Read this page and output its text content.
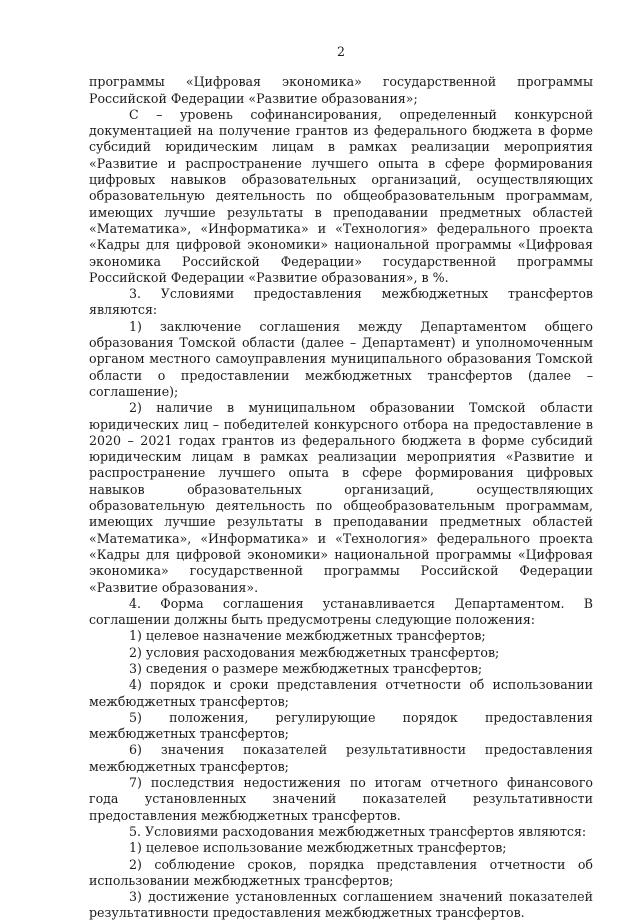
2

программы «Цифровая экономика» государственной программы Российской Федерации «Развитие образования»;

С – уровень софинансирования, определенный конкурсной документацией на получение грантов из федерального бюджета в форме субсидий юридическим лицам в рамках реализации мероприятия «Развитие и распространение лучшего опыта в сфере формирования цифровых навыков образовательных организаций, осуществляющих образовательную деятельность по общеобразовательным программам, имеющих лучшие результаты в преподавании предметных областей «Математика», «Информатика» и «Технология» федерального проекта «Кадры для цифровой экономики» национальной программы «Цифровая экономика Российской Федерации» государственной программы Российской Федерации «Развитие образования», в %.

3. Условиями предоставления межбюджетных трансфертов являются:

1) заключение соглашения между Департаментом общего образования Томской области (далее – Департамент) и уполномоченным органом местного самоуправления муниципального образования Томской области о предоставлении межбюджетных трансфертов (далее – соглашение);

2) наличие в муниципальном образовании Томской области юридических лиц – победителей конкурсного отбора на предоставление в 2020 – 2021 годах грантов из федерального бюджета в форме субсидий юридическим лицам в рамках реализации мероприятия «Развитие и распространение лучшего опыта в сфере формирования цифровых навыков образовательных организаций, осуществляющих образовательную деятельность по общеобразовательным программам, имеющих лучшие результаты в преподавании предметных областей «Математика», «Информатика» и «Технология» федерального проекта «Кадры для цифровой экономики» национальной программы «Цифровая экономика» государственной программы Российской Федерации «Развитие образования».

4. Форма соглашения устанавливается Департаментом. В соглашении должны быть предусмотрены следующие положения:

1) целевое назначение межбюджетных трансфертов;

2) условия расходования межбюджетных трансфертов;

3) сведения о размере межбюджетных трансфертов;

4) порядок и сроки представления отчетности об использовании межбюджетных трансфертов;

5) положения, регулирующие порядок предоставления межбюджетных трансфертов;

6) значения показателей результативности предоставления межбюджетных трансфертов;

7) последствия недостижения по итогам отчетного финансового года установленных значений показателей результативности предоставления межбюджетных трансфертов.

5. Условиями расходования межбюджетных трансфертов являются:

1) целевое использование межбюджетных трансфертов;

2) соблюдение сроков, порядка представления отчетности об использовании межбюджетных трансфертов;

3) достижение установленных соглашением значений показателей результативности предоставления межбюджетных трансфертов.
